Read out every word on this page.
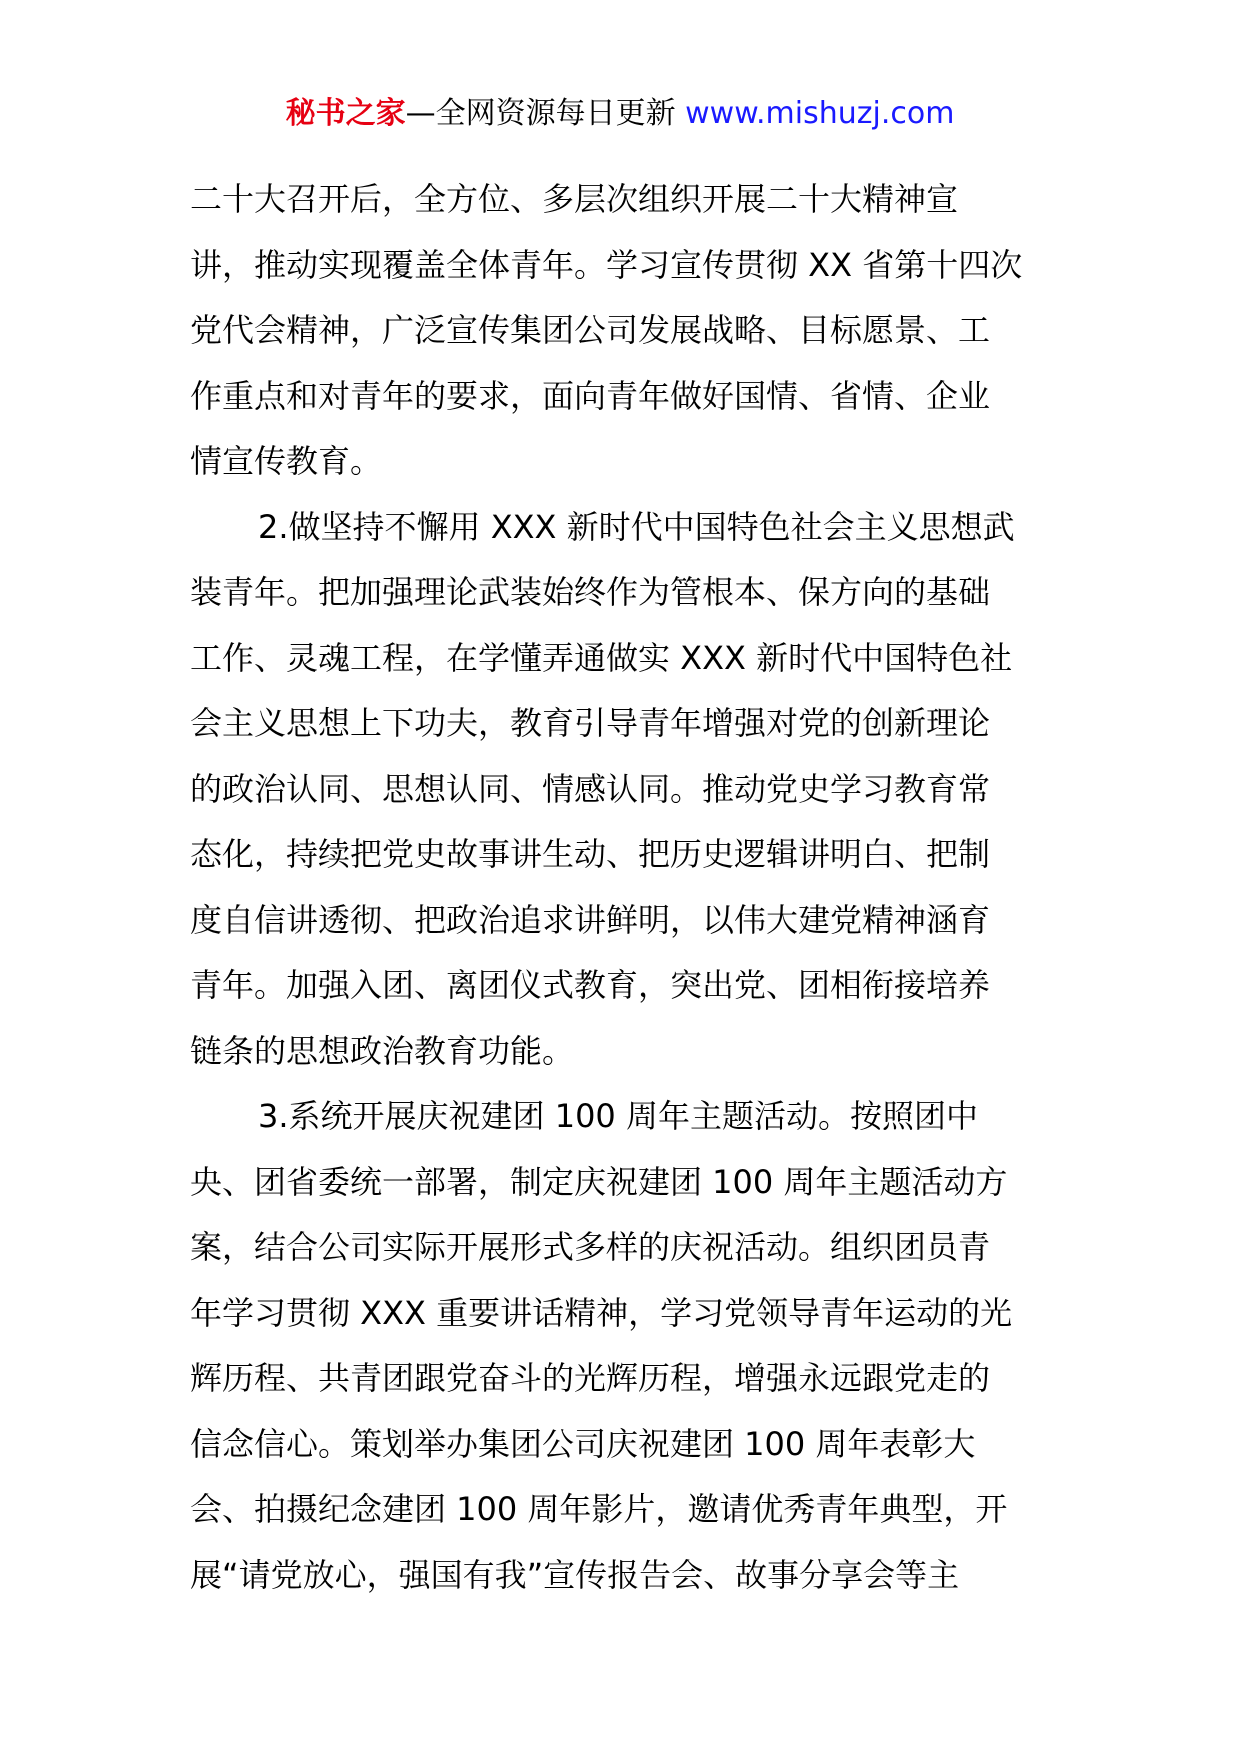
秘书之家—全网资源每日更新 www.mishuzj.com
二十大召开后，全方位、多层次组织开展二十大精神宣
讲，推动实现覆盖全体青年。学习宣传贯彻 XX 省第十四次
党代会精神，广泛宣传集团公司发展战略、目标愿景、工
作重点和对青年的要求，面向青年做好国情、省情、企业
情宣传教育。
2.做坚持不懈用 XXX 新时代中国特色社会主义思想武
装青年。把加强理论武装始终作为管根本、保方向的基础
工作、灵魂工程，在学懂弄通做实 XXX 新时代中国特色社
会主义思想上下功夫，教育引导青年增强对党的创新理论
的政治认同、思想认同、情感认同。推动党史学习教育常
态化，持续把党史故事讲生动、把历史逻辑讲明白、把制
度自信讲透彻、把政治追求讲鲜明，以伟大建党精神涵育
青年。加强入团、离团仪式教育，突出党、团相衔接培养
链条的思想政治教育功能。
3.系统开展庆祝建团 100 周年主题活动。按照团中
央、团省委统一部署，制定庆祝建团 100 周年主题活动方
案，结合公司实际开展形式多样的庆祝活动。组织团员青
年学习贯彻 XXX 重要讲话精神，学习党领导青年运动的光
辉历程、共青团跟党奋斗的光辉历程，增强永远跟党走的
信念信心。策划举办集团公司庆祝建团 100 周年表彰大
会、拍摄纪念建团 100 周年影片，邀请优秀青年典型，开
展“请党放心，强国有我”宣传报告会、故事分享会等主
